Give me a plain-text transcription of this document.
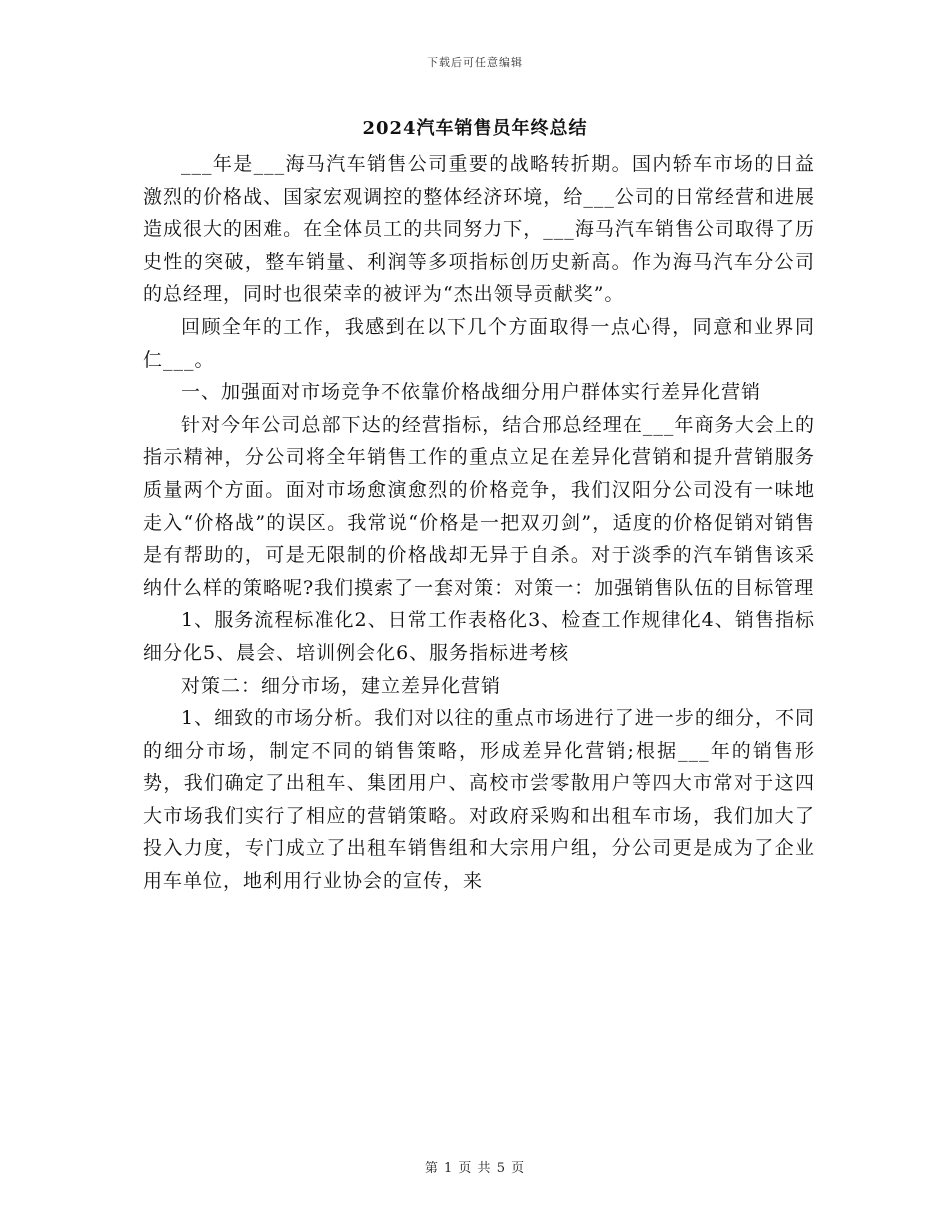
下载后可任意编辑
2024汽车销售员年终总结

___年是___海马汽车销售公司重要的战略转折期。国内轿车市场的日益激烈的价格战、国家宏观调控的整体经济环境，给___公司的日常经营和进展造成很大的困难。在全体员工的共同努力下，___海马汽车销售公司取得了历史性的突破，整车销量、利润等多项指标创历史新高。作为海马汽车分公司的总经理，同时也很荣幸的被评为“杰出领导贡献奖”。

回顾全年的工作，我感到在以下几个方面取得一点心得，同意和业界同仁___。

一、加强面对市场竞争不依靠价格战细分用户群体实行差异化营销

针对今年公司总部下达的经营指标，结合邢总经理在___年商务大会上的指示精神，分公司将全年销售工作的重点立足在差异化营销和提升营销服务质量两个方面。面对市场愈演愈烈的价格竞争，我们汉阳分公司没有一味地走入“价格战”的误区。我常说“价格是一把双刃剑”，适度的价格促销对销售是有帮助的，可是无限制的价格战却无异于自杀。对于淡季的汽车销售该采纳什么样的策略呢?我们摸索了一套对策：对策一：加强销售队伍的目标管理

1、服务流程标准化2、日常工作表格化3、检查工作规律化4、销售指标细分化5、晨会、培训例会化6、服务指标进考核

对策二：细分市场，建立差异化营销

1、细致的市场分析。我们对以往的重点市场进行了进一步的细分，不同的细分市场，制定不同的销售策略，形成差异化营销;根据___年的销售形势，我们确定了出租车、集团用户、高校市尝零散用户等四大市常对于这四大市场我们实行了相应的营销策略。对政府采购和出租车市场，我们加大了投入力度，专门成立了出租车销售组和大宗用户组，分公司更是成为了企业用车单位，地利用行业协会的宣传，来

第 1 页 共 5 页
